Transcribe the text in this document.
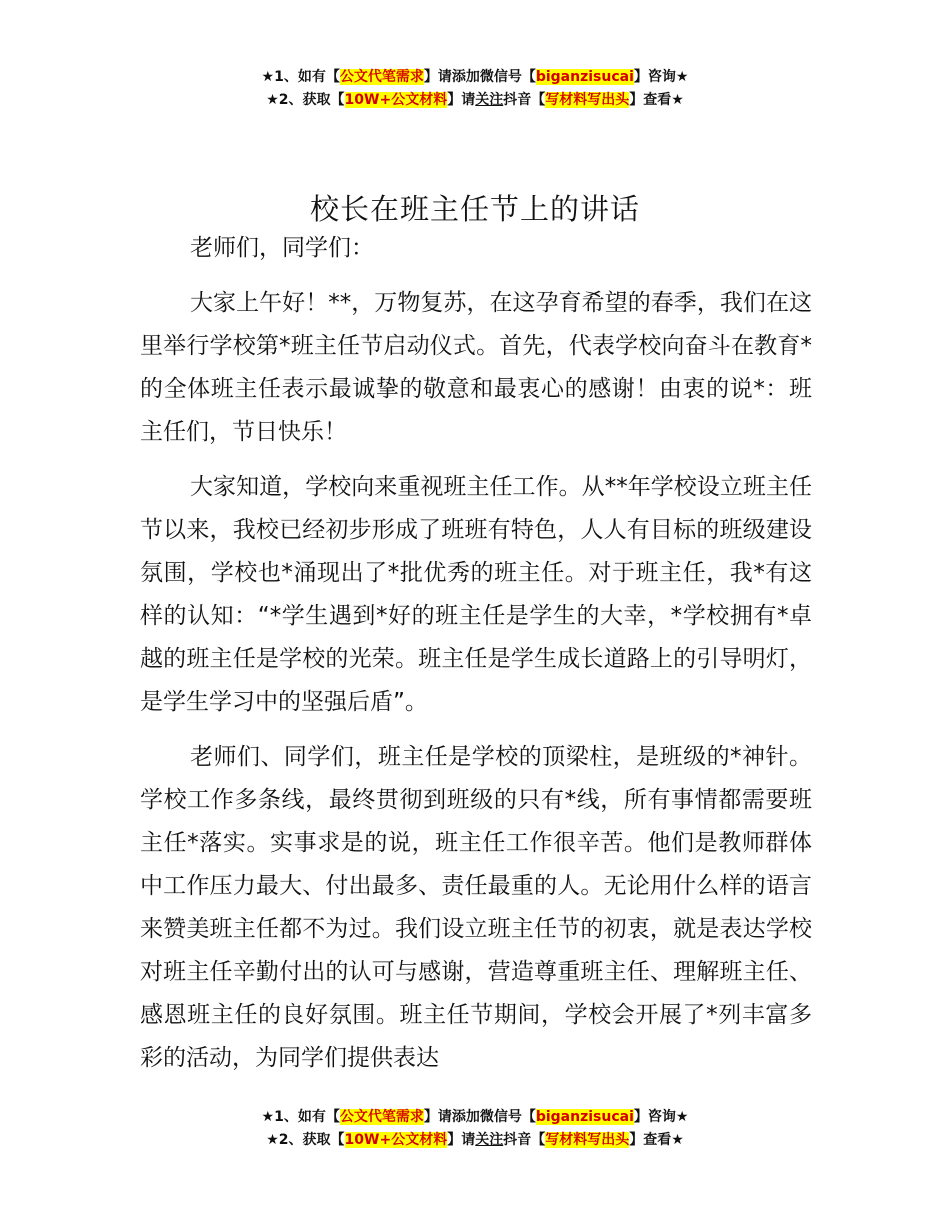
★1、如有【公文代笔需求】请添加微信号【biganzisucai】咨询★
★2、获取【10W+公文材料】请关注抖音【写材料写出头】查看★
校长在班主任节上的讲话

老师们，同学们：

大家上午好！**，万物复苏，在这孕育希望的春季，我们在这里举行学校第*班主任节启动仪式。首先，代表学校向奋斗在教育*的全体班主任表示最诚挚的敬意和最衷心的感谢！由衷的说*：班主任们，节日快乐！

大家知道，学校向来重视班主任工作。从**年学校设立班主任节以来，我校已经初步形成了班班有特色，人人有目标的班级建设氛围，学校也*涌现出了*批优秀的班主任。对于班主任，我*有这样的认知：“*学生遇到*好的班主任是学生的大幸，*学校拥有*卓越的班主任是学校的光荣。班主任是学生成长道路上的引导明灯，是学生学习中的坚强后盾”。

老师们、同学们，班主任是学校的顶梁柱，是班级的*神针。学校工作多条线，最终贯彻到班级的只有*线，所有事情都需要班主任*落实。实事求是的说，班主任工作很辛苦。他们是教师群体中工作压力最大、付出最多、责任最重的人。无论用什么样的语言来赞美班主任都不为过。我们设立班主任节的初衷，就是表达学校对班主任辛勤付出的认可与感谢，营造尊重班主任、理解班主任、感恩班主任的良好氛围。班主任节期间，学校会开展了*列丰富多彩的活动，为同学们提供表达

★1、如有【公文代笔需求】请添加微信号【biganzisucai】咨询★
★2、获取【10W+公文材料】请关注抖音【写材料写出头】查看★
